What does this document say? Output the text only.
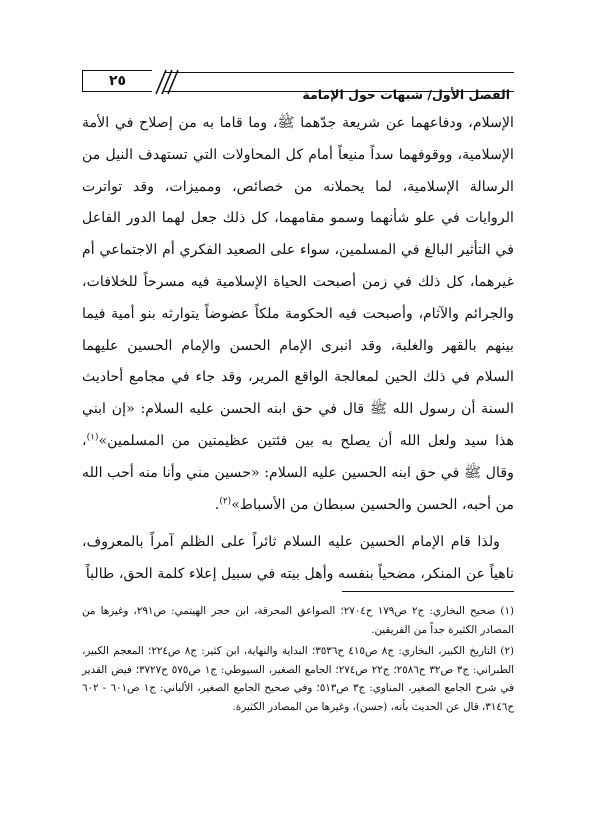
الفصل الأول/ شبهات حول الإمامة
٢٥

الإسلام، ودفاعهما عن شريعة جدّهما ﷺ، وما قاما به من إصلاح في الأمة الإسلامية، ووقوفهما سداً منيعاً أمام كل المحاولات التي تستهدف النيل من الرسالة الإسلامية، لما يحملانه من خصائص، ومميزات، وقد تواترت الروايات في علو شأنهما وسمو مقامهما، كل ذلك جعل لهما الدور الفاعل في التأثير البالغ في المسلمين، سواء على الصعيد الفكري أم الاجتماعي أم غيرهما، كل ذلك في زمن أصبحت الحياة الإسلامية فيه مسرحاً للخلافات، والجرائم والآثام، وأصبحت فيه الحكومة ملكاً عضوضاً يتوارثه بنو أمية فيما بينهم بالقهر والغلبة، وقد انبرى الإمام الحسن والإمام الحسين عليهما السلام في ذلك الحين لمعالجة الواقع المرير، وقد جاء في مجامع أحاديث السنة أن رسول الله ﷺ قال في حق ابنه الحسن عليه السلام: «إن ابني هذا سيد ولعل الله أن يصلح به بين فئتين عظيمتين من المسلمين»$^{(١)}$، وقال ﷺ في حق ابنه الحسين عليه السلام: «حسين مني وأنا منه أحب الله من أحبه، الحسن والحسين سبطان من الأسباط»$^{(٢)}$.

ولذا قام الإمام الحسين عليه السلام ثائراً على الظلم آمراً بالمعروف، ناهياً عن المنكر، مضحياً بنفسه وأهل بيته في سبيل إعلاء كلمة الحق، طالباً

(١) صحيح البخاري: ج٢ ص١٧٩ ح٢٧٠٤؛ الصواعق المحرقة، ابن حجر الهيتمي: ص٢٩١، وغيرها من المصادر الكثيرة جداً من الفريقين.

(٢) التاريخ الكبير، البخاري: ج٨ ص٤١٥ ح٣٥٣٦؛ البداية والنهاية، ابن كثير: ج٨ ص٢٢٤؛ المعجم الكبير، الطبراني: ج٣ ص٣٢ ح٢٥٨٦؛ ج٢٢ ص٢٧٤؛ الجامع الصغير، السيوطي: ج١ ص٥٧٥ ح٣٧٢٧؛ فيض القدير في شرح الجامع الصغير، المناوي: ج٣ ص٥١٣؛ وفي صحيح الجامع الصغير، الألباني: ج١ ص٦٠١ - ٦٠٢ ح٣١٤٦، قال عن الحديث بأنه، (حسن)، وغيرها من المصادر الكثيرة.
